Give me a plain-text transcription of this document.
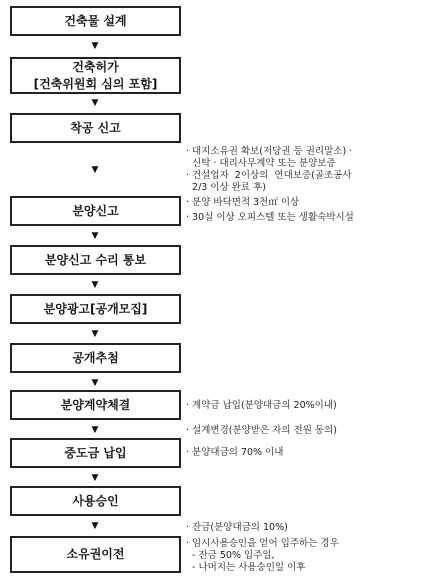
건축물 설계
▼
건축허가
[건축위원회 심의 포함]
▼
착공 신고
▼
분양신고
▼
분양신고 수리 통보
▼
분양광고[공개모집]
▼
공개추첨
▼
분양계약체결
▼
중도금 납입
▼
사용승인
▼
소유권이전
· 대지소유권 확보(저당권 등 권리말소) ·
신탁 · 대리사무계약 또는 분양보증
· 건설업자  2이상의  연대보증(골조공사
2/3 이상 완료 후)
· 분양 바닥면적 3천㎡ 이상
· 30실 이상 오피스텔 또는 생활숙박시설
· 계약금 납입(분양대금의 20%이내)
· 설계변경(분양받은 자의 전원 동의)
· 분양대금의 70% 이내
· 잔금(분양대금의 10%)
· 임시사용승인을 얻어 입주하는 경우
- 잔금 50% 입주일,
- 나머지는 사용승인일 이후
